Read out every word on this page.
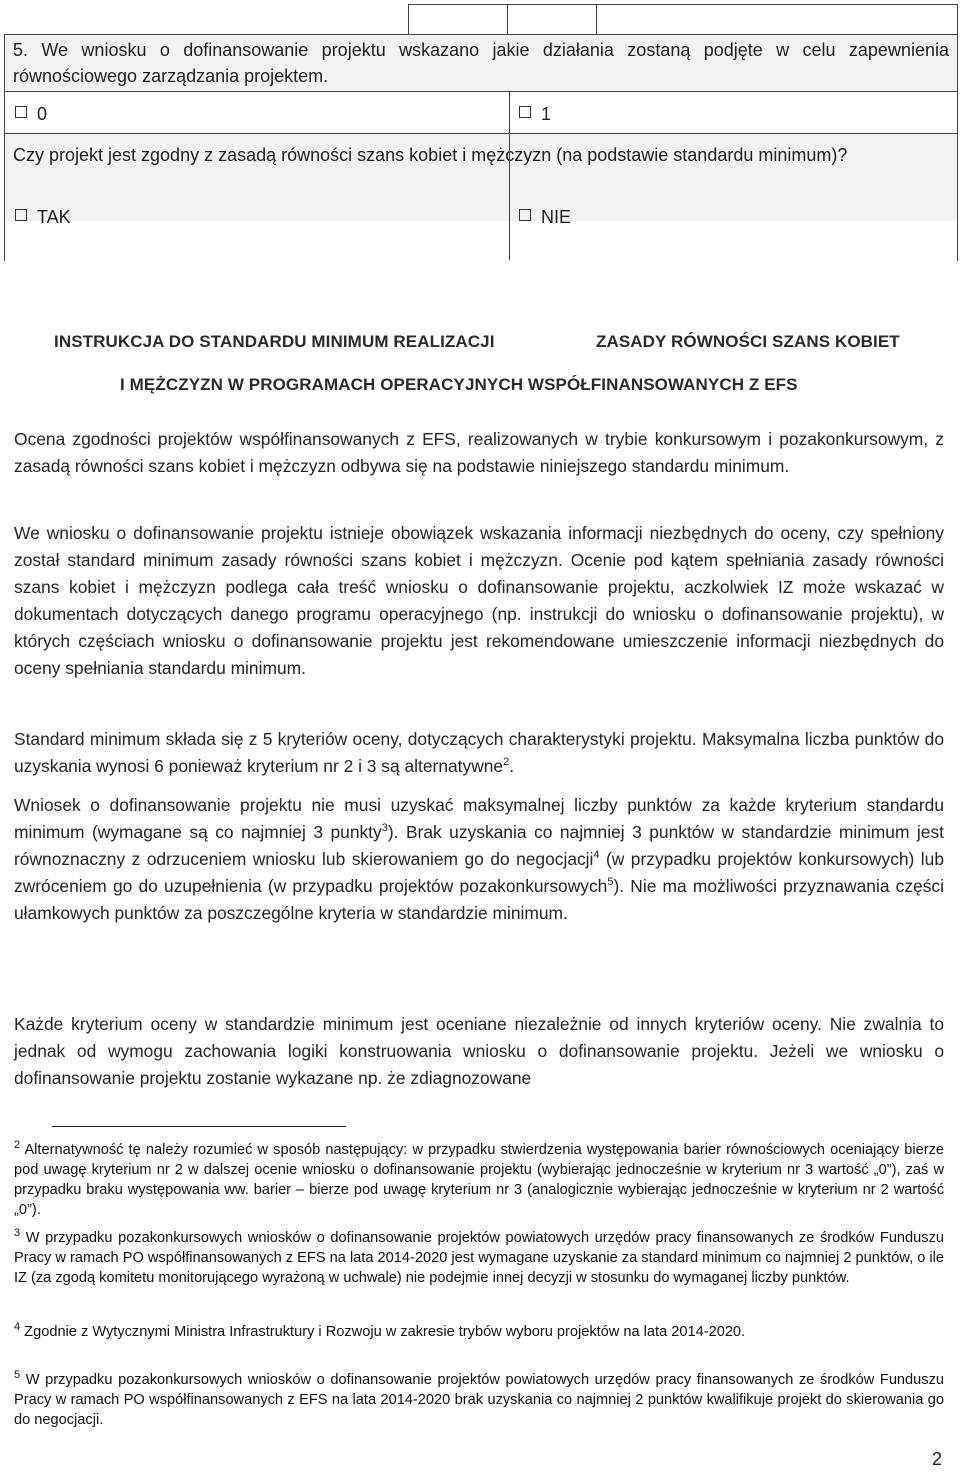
5. We wniosku o dofinansowanie projektu wskazano jakie działania zostaną podjęte w celu zapewnienia równościowego zarządzania projektem.

0	1

Czy projekt jest zgodny z zasadą równości szans kobiet i mężczyzn (na podstawie standardu minimum)?

TAK	NIE
INSTRUKCJA DO STANDARDU MINIMUM REALIZACJI	ZASADY RÓWNOŚCI SZANS KOBIET
I MĘŻCZYZN W PROGRAMACH OPERACYJNYCH WSPÓŁFINANSOWANYCH Z EFS

Ocena zgodności projektów współfinansowanych z EFS, realizowanych w trybie konkursowym i pozakonkursowym, z zasadą równości szans kobiet i mężczyzn odbywa się na podstawie niniejszego standardu minimum.

We wniosku o dofinansowanie projektu istnieje obowiązek wskazania informacji niezbędnych do oceny, czy spełniony został standard minimum zasady równości szans kobiet i mężczyzn. Ocenie pod kątem spełniania zasady równości szans kobiet i mężczyzn podlega cała treść wniosku o dofinansowanie projektu, aczkolwiek IZ może wskazać w dokumentach dotyczących danego programu operacyjnego (np. instrukcji do wniosku o dofinansowanie projektu), w których częściach wniosku o dofinansowanie projektu jest rekomendowane umieszczenie informacji niezbędnych do oceny spełniania standardu minimum.

Standard minimum składa się z 5 kryteriów oceny, dotyczących charakterystyki projektu. Maksymalna liczba punktów do uzyskania wynosi 6 ponieważ kryterium nr 2 i 3 są alternatywne$^2$.

Wniosek o dofinansowanie projektu nie musi uzyskać maksymalnej liczby punktów za każde kryterium standardu minimum (wymagane są co najmniej 3 punkty$^3$). Brak uzyskania co najmniej 3 punktów w standardzie minimum jest równoznaczny z odrzuceniem wniosku lub skierowaniem go do negocjacji$^4$ (w przypadku projektów konkursowych) lub zwróceniem go do uzupełnienia (w przypadku projektów pozakonkursowych$^5$). Nie ma możliwości przyznawania części ułamkowych punktów za poszczególne kryteria w standardzie minimum.

Każde kryterium oceny w standardzie minimum jest oceniane niezależnie od innych kryteriów oceny. Nie zwalnia to jednak od wymogu zachowania logiki konstruowania wniosku o dofinansowanie projektu. Jeżeli we wniosku o dofinansowanie projektu zostanie wykazane np. że zdiagnozowane

$^2$ Alternatywność tę należy rozumieć w sposób następujący: w przypadku stwierdzenia występowania barier równościowych oceniający bierze pod uwagę kryterium nr 2 w dalszej ocenie wniosku o dofinansowanie projektu (wybierając jednocześnie w kryterium nr 3 wartość „0”), zaś w przypadku braku występowania ww. barier – bierze pod uwagę kryterium nr 3 (analogicznie wybierając jednocześnie w kryterium nr 2 wartość „0”).

$^3$ W przypadku pozakonkursowych wniosków o dofinansowanie projektów powiatowych urzędów pracy finansowanych ze środków Funduszu Pracy w ramach PO współfinansowanych z EFS na lata 2014-2020 jest wymagane uzyskanie za standard minimum co najmniej 2 punktów, o ile IZ (za zgodą komitetu monitorującego wyrażoną w uchwale) nie podejmie innej decyzji w stosunku do wymaganej liczby punktów.

$^4$ Zgodnie z Wytycznymi Ministra Infrastruktury i Rozwoju w zakresie trybów wyboru projektów na lata 2014-2020.

$^5$ W przypadku pozakonkursowych wniosków o dofinansowanie projektów powiatowych urzędów pracy finansowanych ze środków Funduszu Pracy w ramach PO współfinansowanych z EFS na lata 2014-2020 brak uzyskania co najmniej 2 punktów kwalifikuje projekt do skierowania go do negocjacji.

2
